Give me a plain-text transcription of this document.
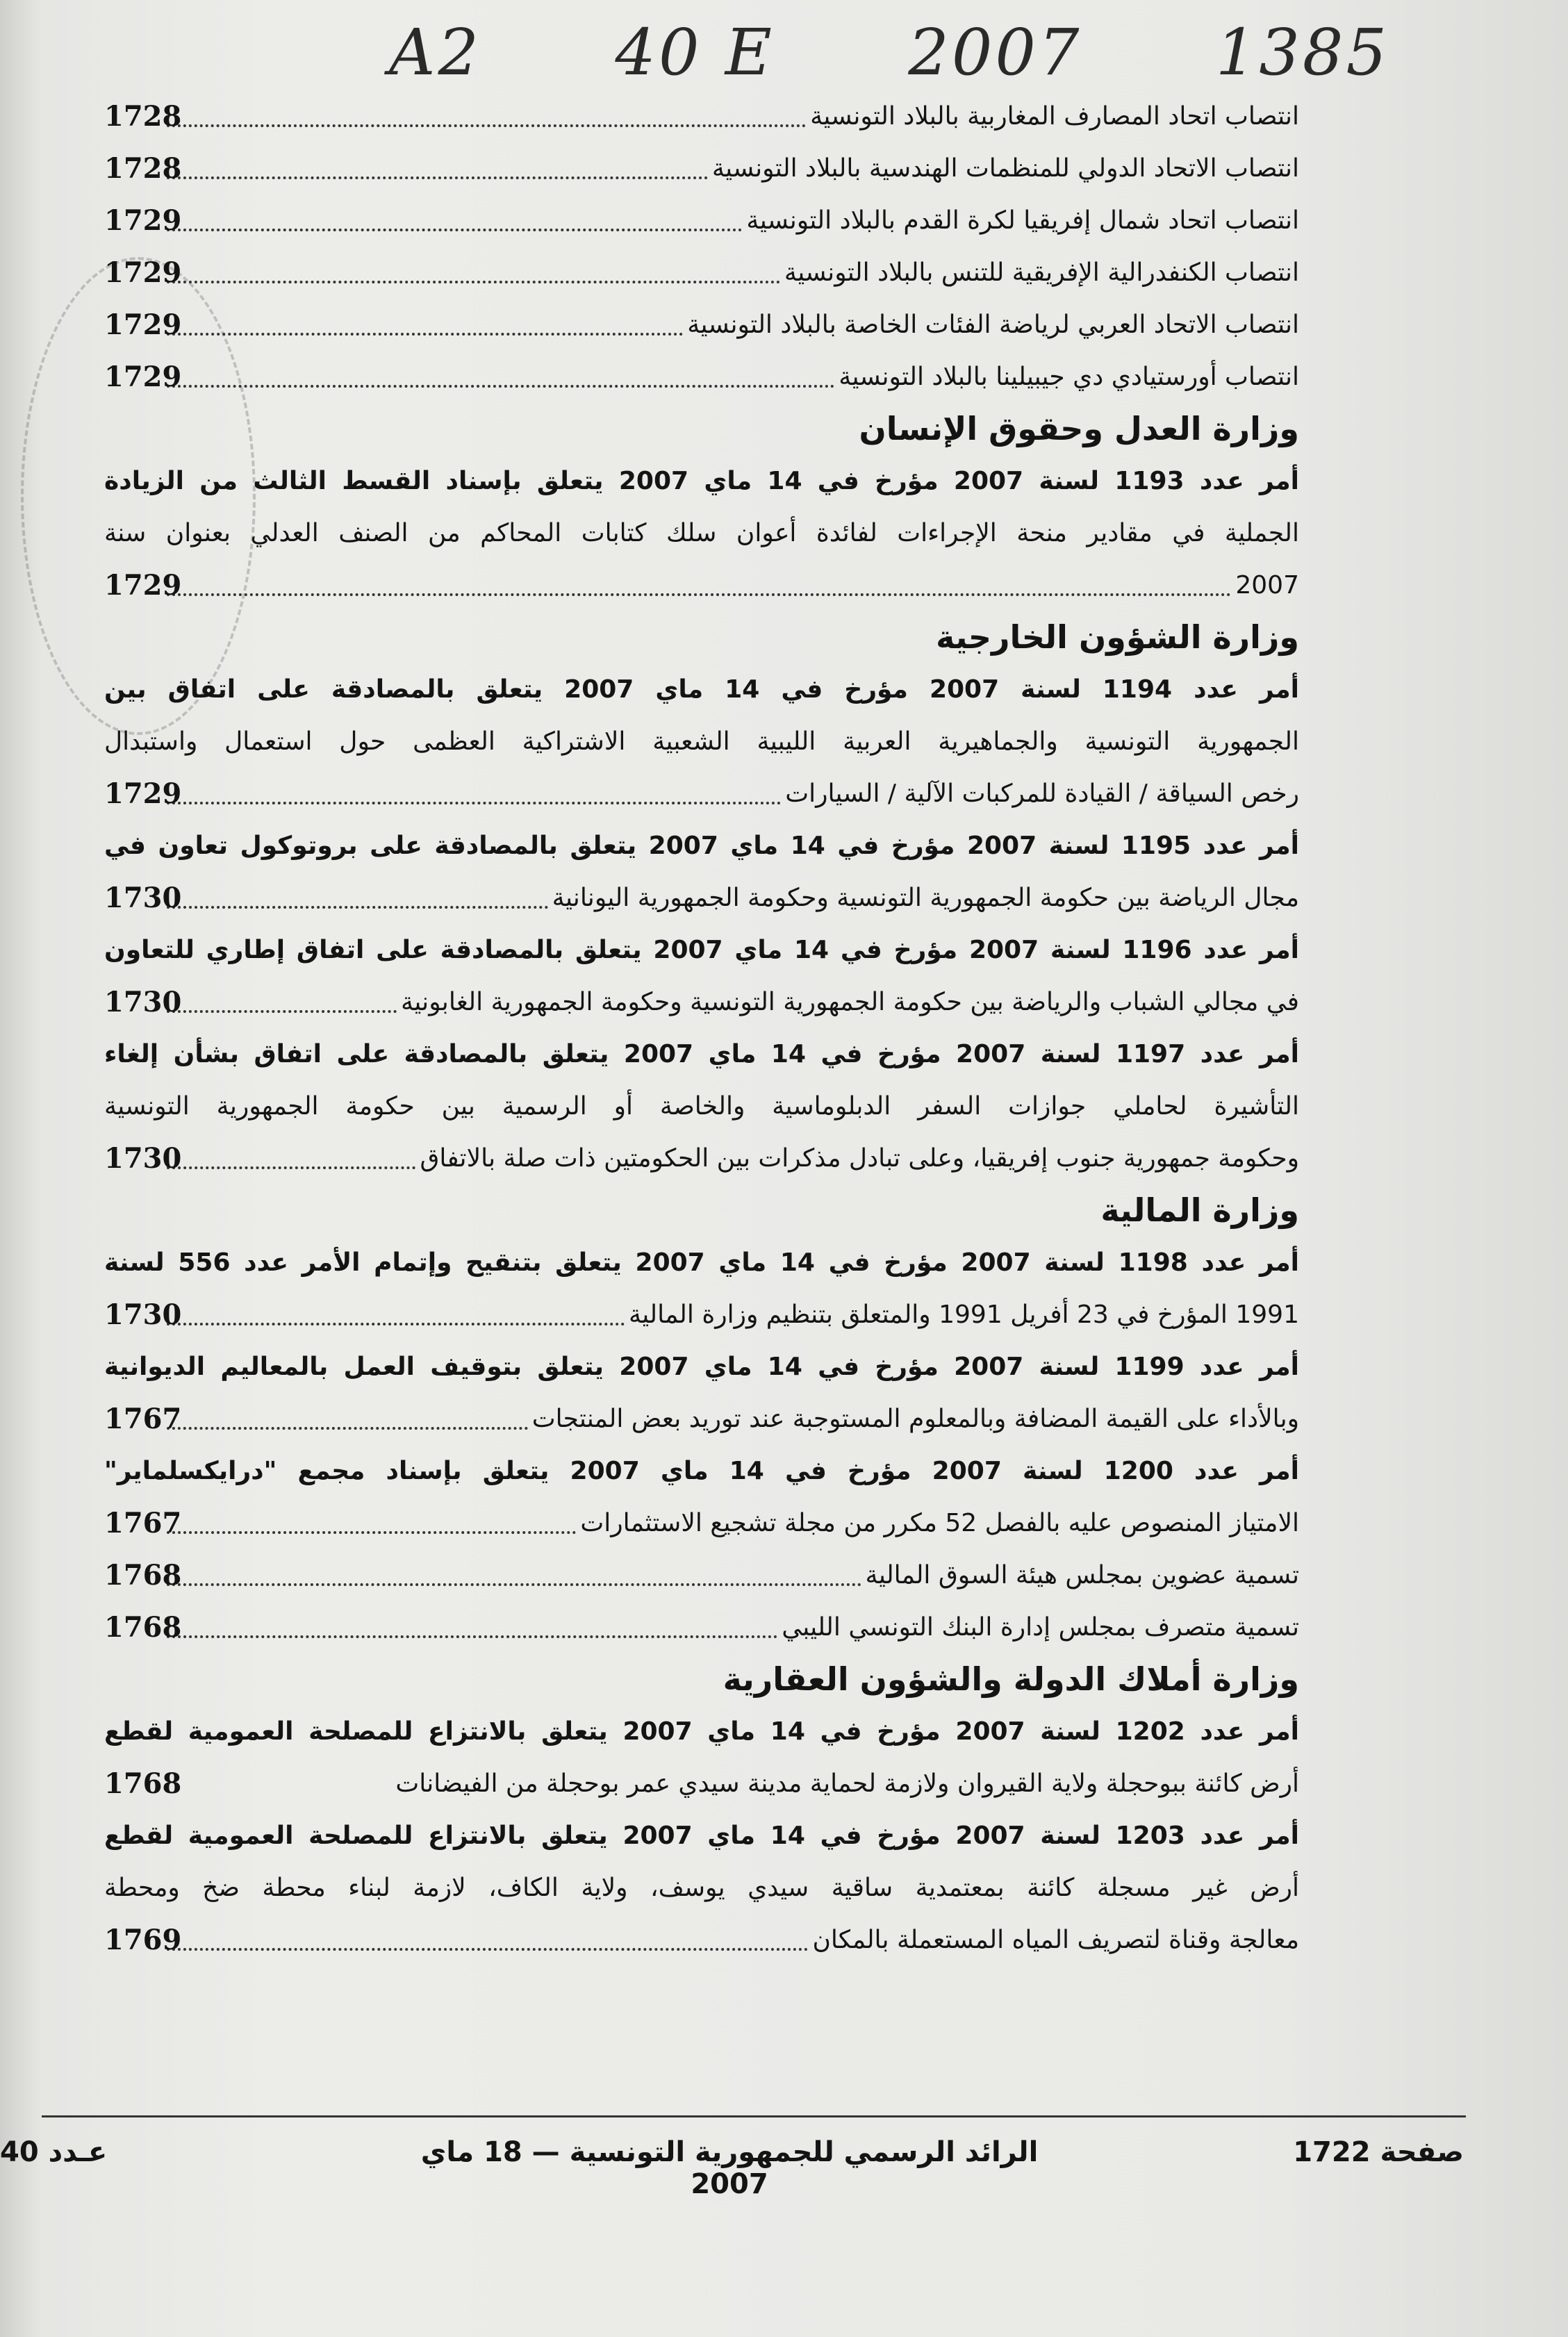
A2 40 E 2007 1385
انتصاب اتحاد المصارف المغاربية بالبلاد التونسية
1728
انتصاب الاتحاد الدولي للمنظمات الهندسية بالبلاد التونسية
1728
انتصاب اتحاد شمال إفريقيا لكرة القدم بالبلاد التونسية
1729
انتصاب الكنفدرالية الإفريقية للتنس بالبلاد التونسية
1729
انتصاب الاتحاد العربي لرياضة الفئات الخاصة بالبلاد التونسية
1729
انتصاب أورستيادي دي جيبيلينا بالبلاد التونسية
1729
وزارة العدل وحقوق الإنسان
أمر عدد 1193 لسنة 2007 مؤرخ في 14 ماي 2007 يتعلق بإسناد القسط الثالث من الزيادة
الجملية في مقادير منحة الإجراءات لفائدة أعوان سلك كتابات المحاكم من الصنف العدلي بعنوان سنة
2007
1729
وزارة الشؤون الخارجية
أمر عدد 1194 لسنة 2007 مؤرخ في 14 ماي 2007 يتعلق بالمصادقة على اتفاق بين
الجمهورية التونسية والجماهيرية العربية الليبية الشعبية الاشتراكية العظمى حول استعمال واستبدال
رخص السياقة / القيادة للمركبات الآلية / السيارات
1729
أمر عدد 1195 لسنة 2007 مؤرخ في 14 ماي 2007 يتعلق بالمصادقة على بروتوكول تعاون في
مجال الرياضة بين حكومة الجمهورية التونسية وحكومة الجمهورية اليونانية
1730
أمر عدد 1196 لسنة 2007 مؤرخ في 14 ماي 2007 يتعلق بالمصادقة على اتفاق إطاري للتعاون
في مجالي الشباب والرياضة بين حكومة الجمهورية التونسية وحكومة الجمهورية الغابونية
1730
أمر عدد 1197 لسنة 2007 مؤرخ في 14 ماي 2007 يتعلق بالمصادقة على اتفاق بشأن إلغاء
التأشيرة لحاملي جوازات السفر الدبلوماسية والخاصة أو الرسمية بين حكومة الجمهورية التونسية
وحكومة جمهورية جنوب إفريقيا، وعلى تبادل مذكرات بين الحكومتين ذات صلة بالاتفاق
1730
وزارة المالية
أمر عدد 1198 لسنة 2007 مؤرخ في 14 ماي 2007 يتعلق بتنقيح وإتمام الأمر عدد 556 لسنة
1991 المؤرخ في 23 أفريل 1991 والمتعلق بتنظيم وزارة المالية
1730
أمر عدد 1199 لسنة 2007 مؤرخ في 14 ماي 2007 يتعلق بتوقيف العمل بالمعاليم الديوانية
وبالأداء على القيمة المضافة وبالمعلوم المستوجبة عند توريد بعض المنتجات
1767
أمر عدد 1200 لسنة 2007 مؤرخ في 14 ماي 2007 يتعلق بإسناد مجمع "درايكسلماير"
الامتياز المنصوص عليه بالفصل 52 مكرر من مجلة تشجيع الاستثمارات
1767
تسمية عضوين بمجلس هيئة السوق المالية
1768
تسمية متصرف بمجلس إدارة البنك التونسي الليبي
1768
وزارة أملاك الدولة والشؤون العقارية
أمر عدد 1202 لسنة 2007 مؤرخ في 14 ماي 2007 يتعلق بالانتزاع للمصلحة العمومية لقطع
أرض كائنة ببوحجلة ولاية القيروان ولازمة لحماية مدينة سيدي عمر بوحجلة من الفيضانات
1768
أمر عدد 1203 لسنة 2007 مؤرخ في 14 ماي 2007 يتعلق بالانتزاع للمصلحة العمومية لقطع
أرض غير مسجلة كائنة بمعتمدية ساقية سيدي يوسف، ولاية الكاف، لازمة لبناء محطة ضخ ومحطة
معالجة وقناة لتصريف المياه المستعملة بالمكان
1769
عـدد 40	الرائد الرسمي للجمهورية التونسية — 18 ماي 2007
صفحة 1722
